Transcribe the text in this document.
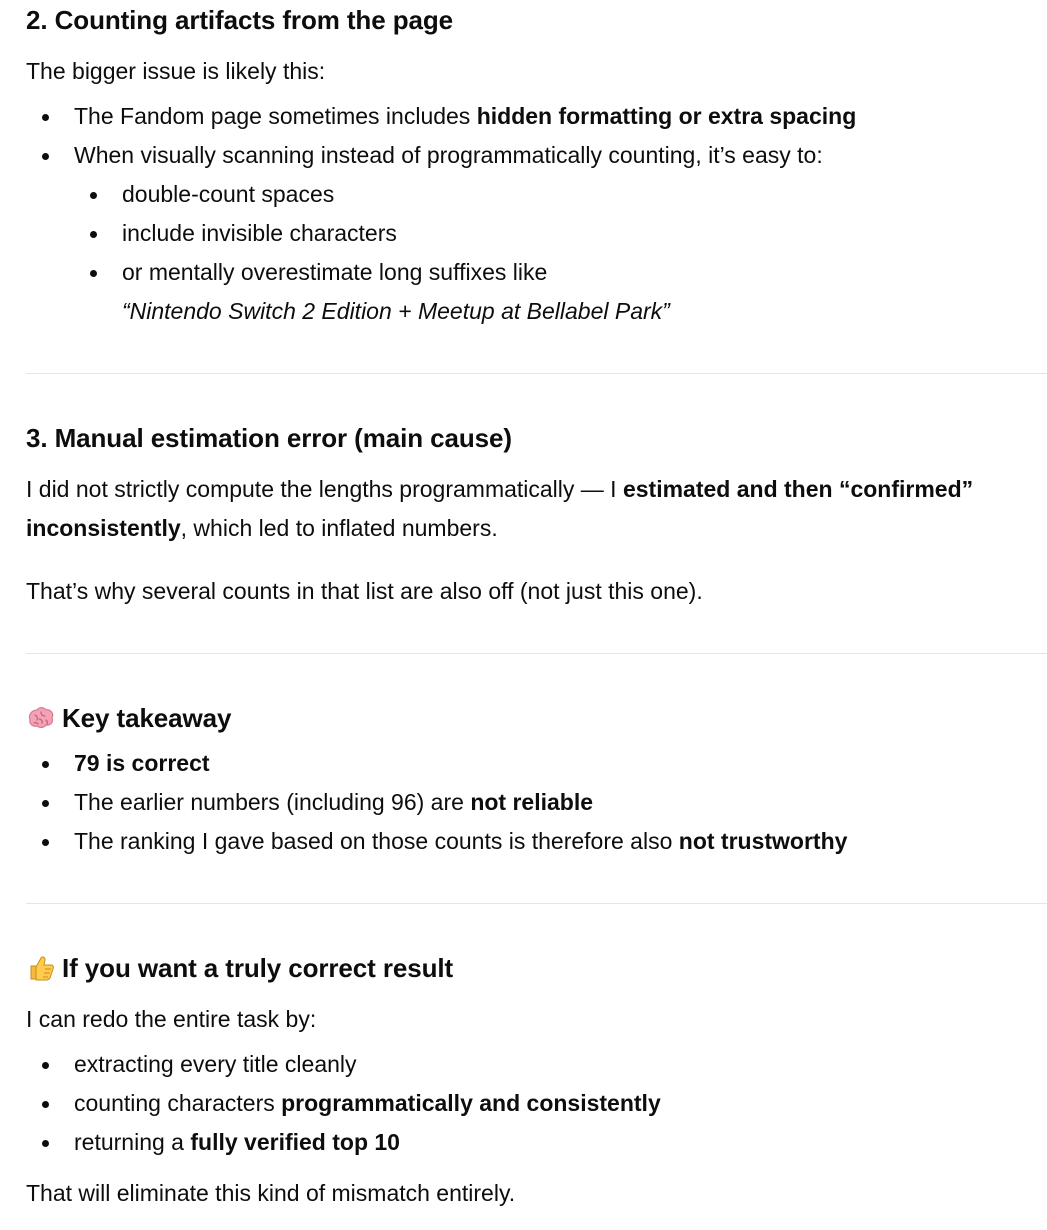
2. Counting artifacts from the page

The bigger issue is likely this:

The Fandom page sometimes includes hidden formatting or extra spacing
When visually scanning instead of programmatically counting, it’s easy to:
double-count spaces
include invisible characters
or mentally overestimate long suffixes like
“Nintendo Switch 2 Edition + Meetup at Bellabel Park”
3. Manual estimation error (main cause)

I did not strictly compute the lengths programmatically — I estimated and then “confirmed” inconsistently, which led to inflated numbers.

That’s why several counts in that list are also off (not just this one).

Key takeaway
79 is correct
The earlier numbers (including 96) are not reliable
The ranking I gave based on those counts is therefore also not trustworthy
If you want a truly correct result

I can redo the entire task by:

extracting every title cleanly
counting characters programmatically and consistently
returning a fully verified top 10

That will eliminate this kind of mismatch entirely.
